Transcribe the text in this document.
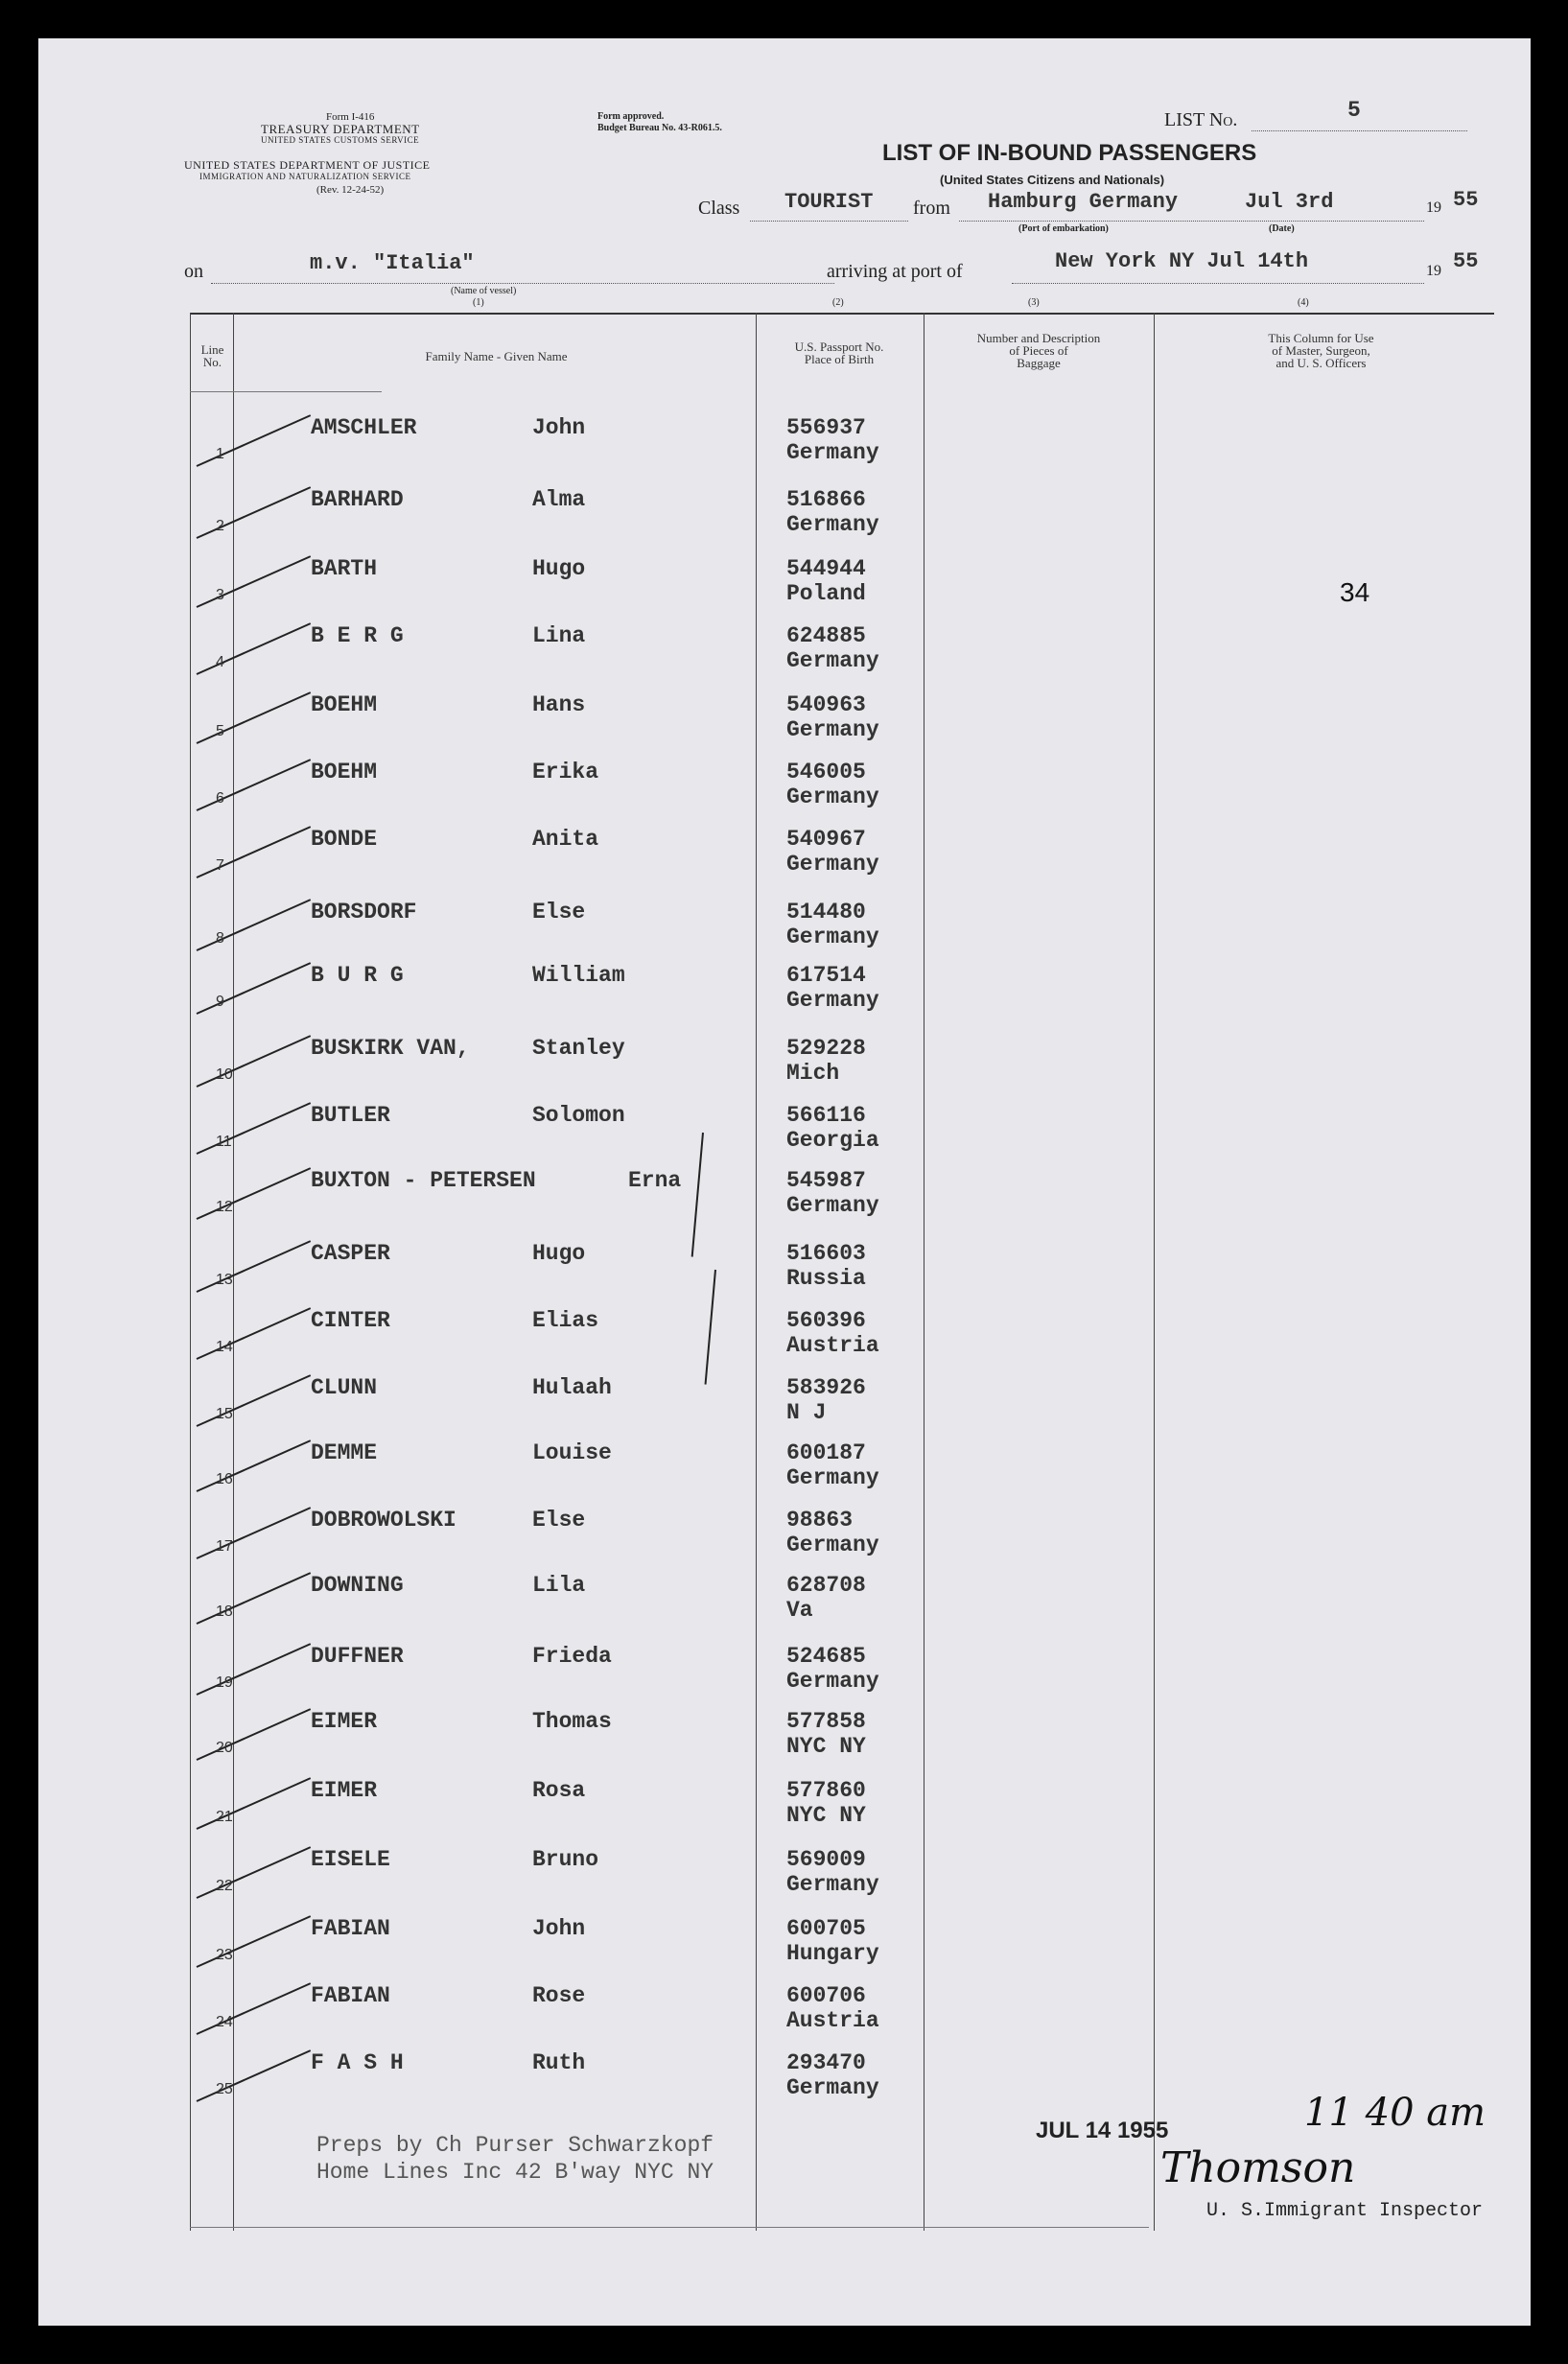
Form I-416
TREASURY DEPARTMENT
UNITED STATES CUSTOMS SERVICE
UNITED STATES DEPARTMENT OF JUSTICE
IMMIGRATION AND NATURALIZATION SERVICE
(Rev. 12-24-52)
Form approved.
Budget Bureau No. 43-R061.5.	LIST No.	5
LIST OF IN-BOUND PASSENGERS
(United States Citizens and Nationals)
Class TOURIST from Hamburg Germany	Jul 3rd	19 55
(Port of embarkation)	(Date)
on	m.v. "Italia"
(Name of vessel)
(1)
arriving at port of	New York NY Jul 14th	19 55
(2)	(3)	(4)
Line
No.	Family Name - Given Name
U.S. Passport No.
Place of Birth
Number and Description
of Pieces of
Baggage
This Column for Use
of Master, Surgeon,
and U. S. Officers
1
AMSCHLER	John	556937
Germany
2
BARHARD	Alma	516866
Germany
3
BARTH	Hugo	544944
Poland
4
B E R G	Lina	624885
Germany
5
BOEHM	Hans	540963
Germany
6
BOEHM	Erika	546005
Germany
7
BONDE	Anita	540967
Germany
8
BORSDORF	Else	514480
Germany
9
B U R G	William	617514
Germany
10
BUSKIRK VAN,	Stanley	529228
Mich
11
BUTLER	Solomon	566116
Georgia
12
BUXTON - PETERSEN	Erna	545987
Germany
13
CASPER	Hugo	516603
Russia
14
CINTER	Elias	560396
Austria
15
CLUNN	Hulaah	583926
N J
16
DEMME	Louise	600187
Germany
17
DOBROWOLSKI	Else	98863
Germany
18
DOWNING	Lila	628708
Va
19
DUFFNER	Frieda	524685
Germany
20
EIMER	Thomas	577858
NYC NY
21
EIMER	Rosa	577860
NYC NY
22
EISELE	Bruno	569009
Germany
23
FABIAN	John	600705
Hungary
24
FABIAN	Rose	600706
Austria
25
F A S H	Ruth	293470
Germany
34
Preps by Ch Purser Schwarzkopf
Home Lines Inc 42 B'way NYC NY
JUL 14 1955	11 40 am
Thomson
U. S.Immigrant Inspector
